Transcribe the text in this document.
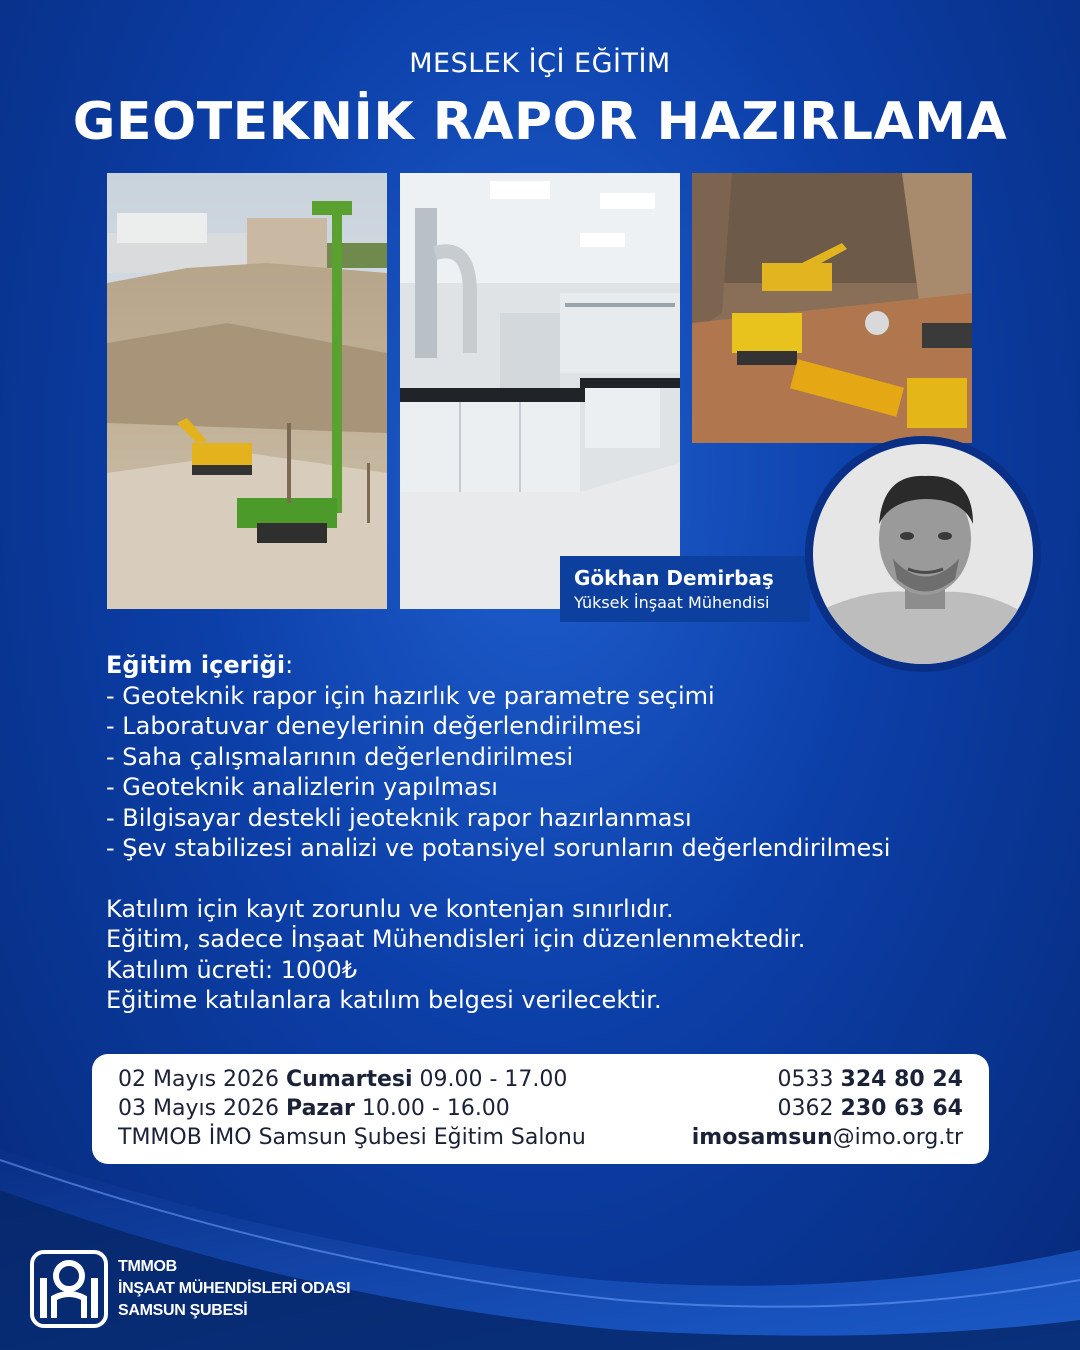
MESLEK İÇİ EĞİTİM
GEOTEKNİK RAPOR HAZIRLAMA
Gökhan Demirbaş
Yüksek İnşaat Mühendisi
Eğitim içeriği:
- Geoteknik rapor için hazırlık ve parametre seçimi
- Laboratuvar deneylerinin değerlendirilmesi
- Saha çalışmalarının değerlendirilmesi
- Geoteknik analizlerin yapılması
- Bilgisayar destekli jeoteknik rapor hazırlanması
- Şev stabilizesi analizi ve potansiyel sorunların değerlendirilmesi
Katılım için kayıt zorunlu ve kontenjan sınırlıdır.
Eğitim, sadece İnşaat Mühendisleri için düzenlenmektedir.
Katılım ücreti: 1000₺
Eğitime katılanlara katılım belgesi verilecektir.
02 Mayıs 2026 Cumartesi 09.00 - 17.00
03 Mayıs 2026 Pazar 10.00 - 16.00
TMMOB İMO Samsun Şubesi Eğitim Salonu
0533 324 80 24
0362 230 63 64
imosamsun@imo.org.tr
TMMOB
İNŞAAT MÜHENDİSLERİ ODASI
SAMSUN ŞUBESİ
